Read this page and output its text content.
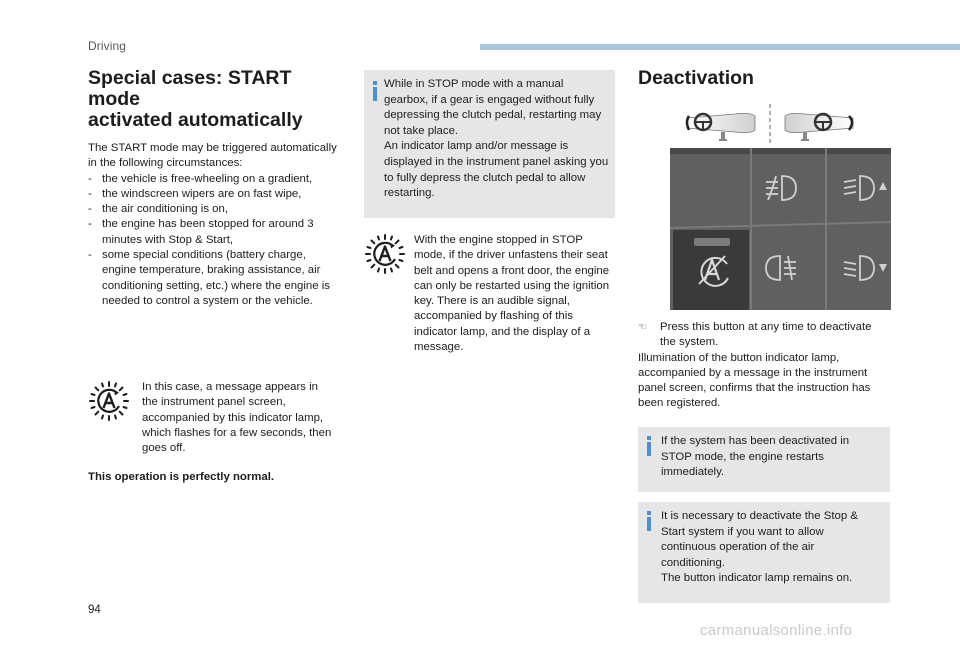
Driving
Special cases: START mode
activated automatically

The START mode may be triggered automatically in the following circumstances:

- the vehicle is free-wheeling on a gradient,
- the windscreen wipers are on fast wipe,
- the air conditioning is on,
- the engine has been stopped for around 3 minutes with Stop & Start,
- some special conditions (battery charge, engine temperature, braking assistance, air conditioning setting, etc.) where the engine is needed to control a system or the vehicle.

In this case, a message appears in the instrument panel screen, accompanied by this indicator lamp, which flashes for a few seconds, then goes off.

This operation is perfectly normal.

While in STOP mode with a manual gearbox, if a gear is engaged without fully depressing the clutch pedal, restarting may not take place.

An indicator lamp and/or message is displayed in the instrument panel asking you to fully depress the clutch pedal to allow restarting.

With the engine stopped in STOP mode, if the driver unfastens their seat belt and opens a front door, the engine can only be restarted using the ignition key. There is an audible signal, accompanied by flashing of this indicator lamp, and the display of a message.

Deactivation
☜ Press this button at any time to deactivate
the system.

Illumination of the button indicator lamp, accompanied by a message in the instrument panel screen, confirms that the instruction has been registered.

If the system has been deactivated in STOP mode, the engine restarts immediately.

It is necessary to deactivate the Stop & Start system if you want to allow continuous operation of the air conditioning.

The button indicator lamp remains on.

94
carmanualsonline.info
